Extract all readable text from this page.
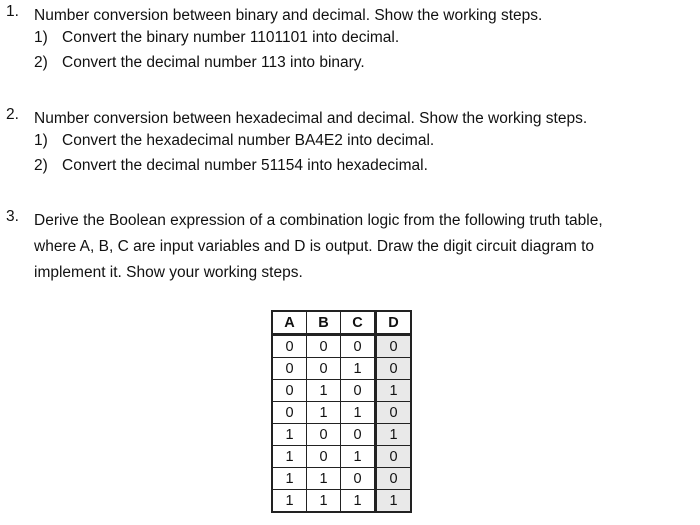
1. Number conversion between binary and decimal. Show the working steps.
1) Convert the binary number 1101101 into decimal.
2) Convert the decimal number 113 into binary.
2. Number conversion between hexadecimal and decimal. Show the working steps.
1) Convert the hexadecimal number BA4E2 into decimal.
2) Convert the decimal number 51154 into hexadecimal.
3. Derive the Boolean expression of a combination logic from the following truth table,
where A, B, C are input variables and D is output. Draw the digit circuit diagram to
implement it. Show your working steps.
A	B	C	D
0	0	0	0
0	0	1	0
0	1	0	1
0	1	1	0
1	0	0	1
1	0	1	0
1	1	0	0
1	1	1	1
